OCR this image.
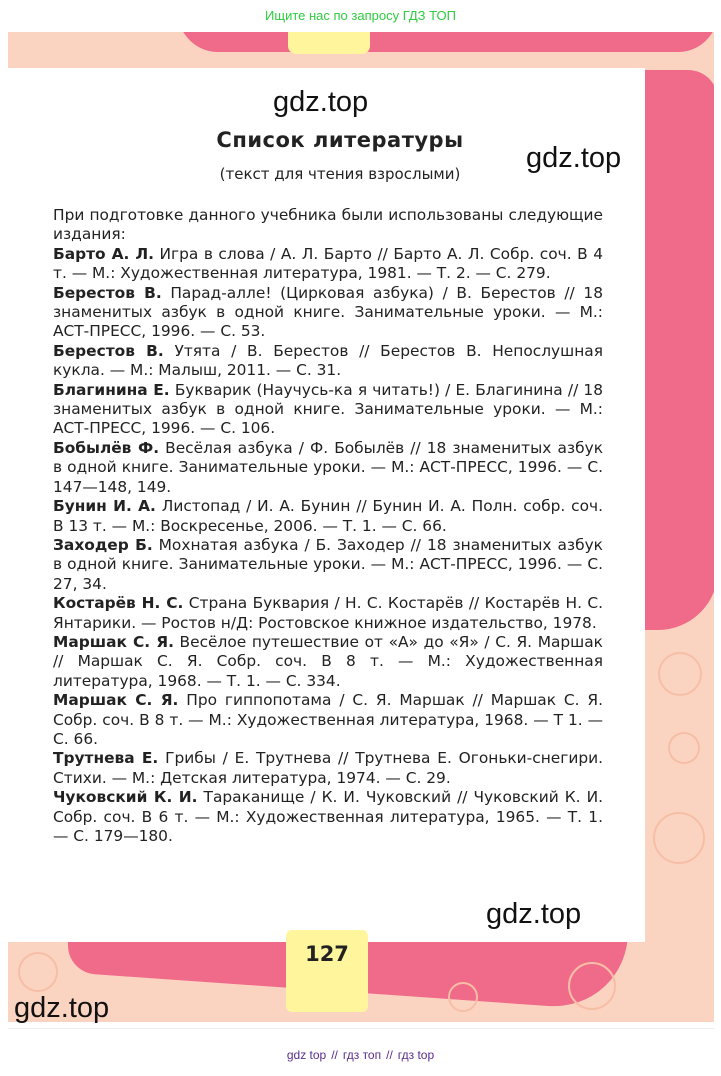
Ищите нас по запросу ГДЗ ТОП
gdz.top
gdz.top
Список литературы
(текст для чтения взрослыми)

При подготовке данного учебника были использованы следующие издания:

Барто А. Л. Игра в слова / А. Л. Барто // Барто А. Л. Собр. соч. В 4 т. — М.: Художественная литература, 1981. — Т. 2. — С. 279.

Берестов В. Парад-алле! (Цирковая азбука) / В. Берестов // 18 знаменитых азбук в одной книге. Занимательные уроки. — М.: АСТ-ПРЕСС, 1996. — С. 53.

Берестов В. Утята / В. Берестов // Берестов В. Непослушная кукла. — М.: Малыш, 2011. — С. 31.

Благинина Е. Букварик (Научусь-ка я читать!) / Е. Благинина // 18 знаменитых азбук в одной книге. Занимательные уроки. — М.: АСТ-ПРЕСС, 1996. — С. 106.

Бобылёв Ф. Весёлая азбука / Ф. Бобылёв // 18 знаменитых азбук в одной книге. Занимательные уроки. — М.: АСТ-ПРЕСС, 1996. — С. 147—148, 149.

Бунин И. А. Листопад / И. А. Бунин // Бунин И. А. Полн. собр. соч. В 13 т. — М.: Воскресенье, 2006. — Т. 1. — С. 66.

Заходер Б. Мохнатая азбука / Б. Заходер // 18 знаменитых азбук в одной книге. Занимательные уроки. — М.: АСТ-ПРЕСС, 1996. — С. 27, 34.

Костарёв Н. С. Страна Буквария / Н. С. Костарёв // Костарёв Н. С. Янтарики. — Ростов н/Д: Ростовское книжное издательство, 1978.

Маршак С. Я. Весёлое путешествие от «А» до «Я» / С. Я. Маршак // Маршак С. Я. Собр. соч. В 8 т. — М.: Художественная литература, 1968. — Т. 1. — С. 334.

Маршак С. Я. Про гиппопотама / С. Я. Маршак // Маршак С. Я. Собр. соч. В 8 т. — М.: Художественная литература, 1968. — Т 1. — С. 66.

Трутнева Е. Грибы / Е. Трутнева // Трутнева Е. Огоньки-снегири. Стихи. — М.: Детская литература, 1974. — С. 29.

Чуковский К. И. Тараканище / К. И. Чуковский // Чуковский К. И. Собр. соч. В 6 т. — М.: Художественная литература, 1965. — Т. 1. — С. 179—180.

gdz.top
127
gdz.top
gdz top // гдз топ // гдз top
